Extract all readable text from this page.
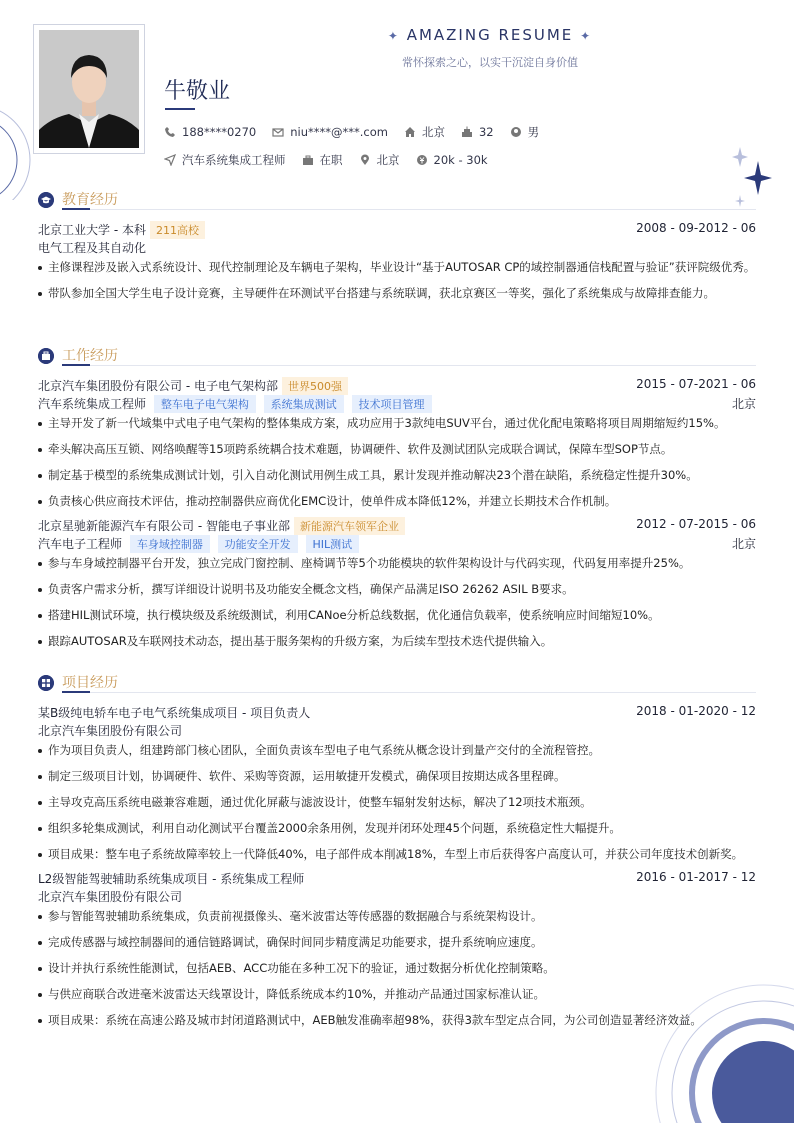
✦ AMAZING RESUME ✦
常怀探索之心，以实干沉淀自身价值
牛敬业
188****0270	niu****@***.com	北京	32	男
汽车系统集成工程师	在职	北京	20k - 30k
教育经历
北京工业大学 - 本科 211高校	2008 - 09-2012 - 06
电气工程及其自动化
主修课程涉及嵌入式系统设计、现代控制理论及车辆电子架构，毕业设计“基于AUTOSAR CP的域控制器通信栈配置与验证”获评院级优秀。
带队参加全国大学生电子设计竞赛，主导硬件在环测试平台搭建与系统联调，获北京赛区一等奖，强化了系统集成与故障排查能力。
工作经历
北京汽车集团股份有限公司 - 电子电气架构部 世界500强	2015 - 07-2021 - 06
汽车系统集成工程师 整车电子电气架构 系统集成测试 技术项目管理	北京
主导开发了新一代域集中式电子电气架构的整体集成方案，成功应用于3款纯电SUV平台，通过优化配电策略将项目周期缩短约15%。
牵头解决高压互锁、网络唤醒等15项跨系统耦合技术难题，协调硬件、软件及测试团队完成联合调试，保障车型SOP节点。
制定基于模型的系统集成测试计划，引入自动化测试用例生成工具，累计发现并推动解决23个潜在缺陷，系统稳定性提升30%。
负责核心供应商技术评估，推动控制器供应商优化EMC设计，使单件成本降低12%，并建立长期技术合作机制。
北京星驰新能源汽车有限公司 - 智能电子事业部 新能源汽车领军企业	2012 - 07-2015 - 06
汽车电子工程师 车身域控制器 功能安全开发 HIL测试	北京
参与车身域控制器平台开发，独立完成门窗控制、座椅调节等5个功能模块的软件架构设计与代码实现，代码复用率提升25%。
负责客户需求分析，撰写详细设计说明书及功能安全概念文档，确保产品满足ISO 26262 ASIL B要求。
搭建HIL测试环境，执行模块级及系统级测试，利用CANoe分析总线数据，优化通信负载率，使系统响应时间缩短10%。
跟踪AUTOSAR及车联网技术动态，提出基于服务架构的升级方案，为后续车型技术迭代提供输入。
项目经历
某B级纯电轿车电子电气系统集成项目 - 项目负责人	2018 - 01-2020 - 12
北京汽车集团股份有限公司
作为项目负责人，组建跨部门核心团队，全面负责该车型电子电气系统从概念设计到量产交付的全流程管控。
制定三级项目计划，协调硬件、软件、采购等资源，运用敏捷开发模式，确保项目按期达成各里程碑。
主导攻克高压系统电磁兼容难题，通过优化屏蔽与滤波设计，使整车辐射发射达标，解决了12项技术瓶颈。
组织多轮集成测试，利用自动化测试平台覆盖2000余条用例，发现并闭环处理45个问题，系统稳定性大幅提升。
项目成果：整车电子系统故障率较上一代降低40%，电子部件成本削减18%，车型上市后获得客户高度认可，并获公司年度技术创新奖。
L2级智能驾驶辅助系统集成项目 - 系统集成工程师	2016 - 01-2017 - 12
北京汽车集团股份有限公司
参与智能驾驶辅助系统集成，负责前视摄像头、毫米波雷达等传感器的数据融合与系统架构设计。
完成传感器与域控制器间的通信链路调试，确保时间同步精度满足功能要求，提升系统响应速度。
设计并执行系统性能测试，包括AEB、ACC功能在多种工况下的验证，通过数据分析优化控制策略。
与供应商联合改进毫米波雷达天线罩设计，降低系统成本约10%，并推动产品通过国家标准认证。
项目成果：系统在高速公路及城市封闭道路测试中，AEB触发准确率超98%，获得3款车型定点合同，为公司创造显著经济效益。
